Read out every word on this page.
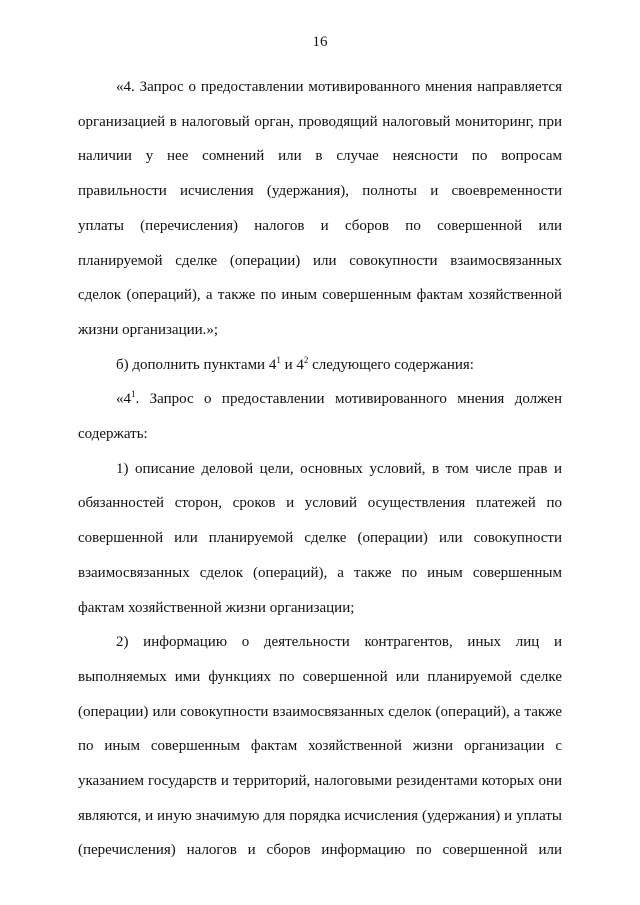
16

«4. Запрос о предоставлении мотивированного мнения направляется организацией в налоговый орган, проводящий налоговый мониторинг, при наличии у нее сомнений или в случае неясности по вопросам правильности исчисления (удержания), полноты и своевременности уплаты (перечисления) налогов и сборов по совершенной или планируемой сделке (операции) или совокупности взаимосвязанных сделок (операций), а также по иным совершенным фактам хозяйственной жизни организации.»;

б) дополнить пунктами $4^1$ и $4^2$ следующего содержания:

«$4^1$. Запрос о предоставлении мотивированного мнения должен содержать:

1) описание деловой цели, основных условий, в том числе прав и обязанностей сторон, сроков и условий осуществления платежей по совершенной или планируемой сделке (операции) или совокупности взаимосвязанных сделок (операций), а также по иным совершенным фактам хозяйственной жизни организации;

2) информацию о деятельности контрагентов, иных лиц и выполняемых ими функциях по совершенной или планируемой сделке (операции) или совокупности взаимосвязанных сделок (операций), а также по иным совершенным фактам хозяйственной жизни организации с указанием государств и территорий, налоговыми резидентами которых они являются, и иную значимую для порядка исчисления (удержания) и уплаты (перечисления) налогов и сборов информацию по совершенной или
